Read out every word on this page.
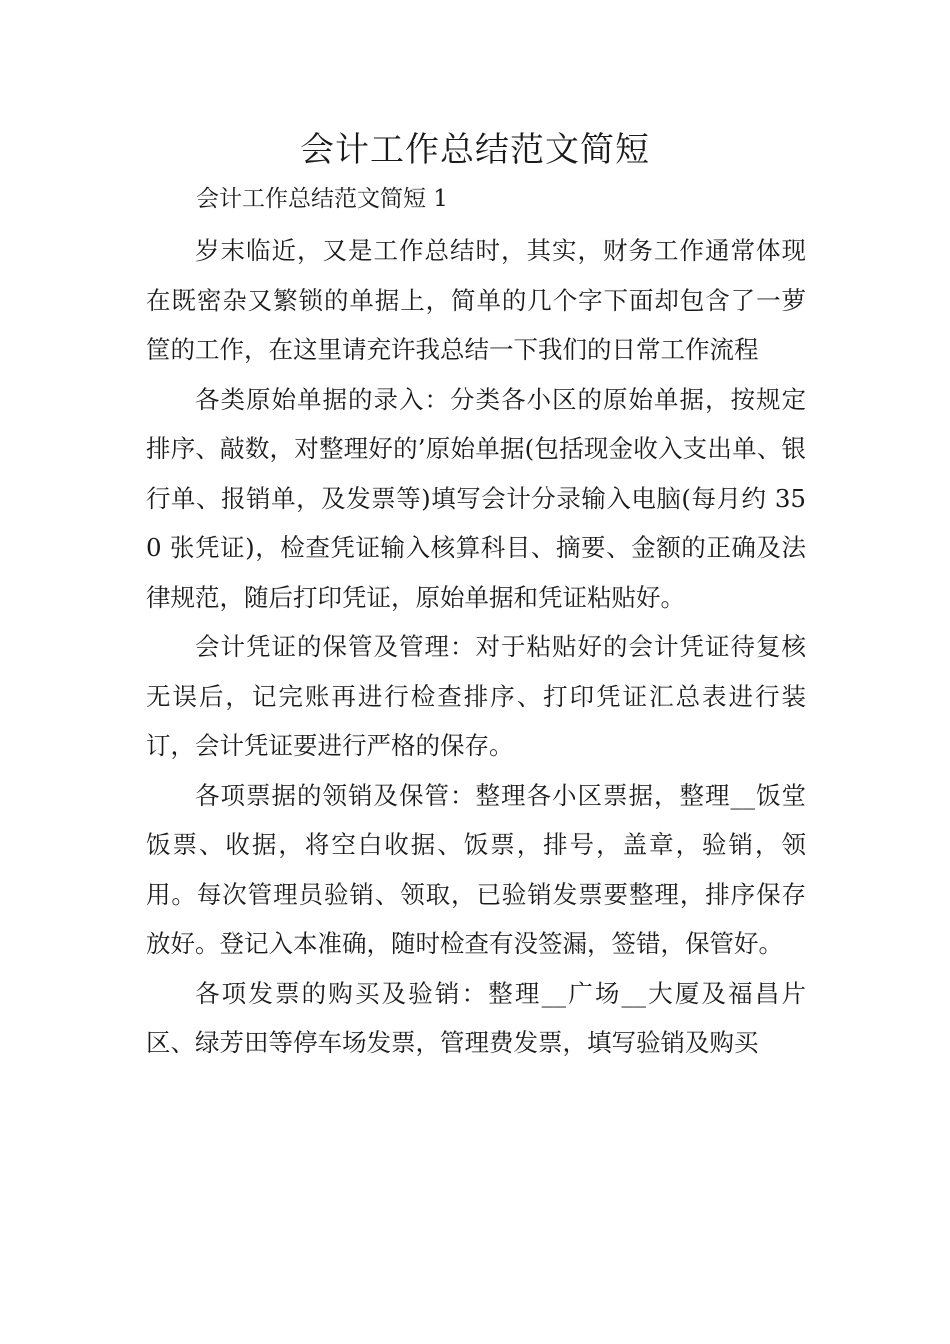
会计工作总结范文简短

会计工作总结范文简短 1

岁末临近，又是工作总结时，其实，财务工作通常体现在既密杂又繁锁的单据上，简单的几个字下面却包含了一萝筐的工作，在这里请充许我总结一下我们的日常工作流程

各类原始单据的录入：分类各小区的原始单据，按规定排序、敲数，对整理好的’原始单据(包括现金收入支出单、银行单、报销单，及发票等)填写会计分录输入电脑(每月约 350 张凭证)，检查凭证输入核算科目、摘要、金额的正确及法律规范，随后打印凭证，原始单据和凭证粘贴好。

会计凭证的保管及管理：对于粘贴好的会计凭证待复核无误后，记完账再进行检查排序、打印凭证汇总表进行装订，会计凭证要进行严格的保存。

各项票据的领销及保管：整理各小区票据，整理__饭堂饭票、收据，将空白收据、饭票，排号，盖章，验销，领用。每次管理员验销、领取，已验销发票要整理，排序保存放好。登记入本准确，随时检查有没签漏，签错，保管好。

各项发票的购买及验销：整理__广场__大厦及福昌片区、绿芳田等停车场发票，管理费发票，填写验销及购买
